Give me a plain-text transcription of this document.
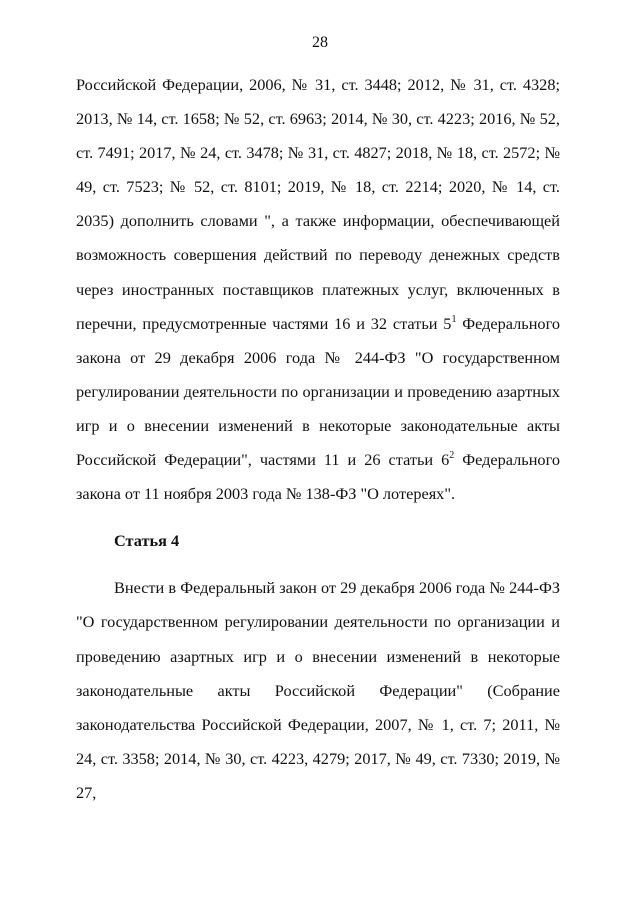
28

Российской Федерации, 2006, № 31, ст. 3448; 2012, № 31, ст. 4328; 2013, № 14, ст. 1658; № 52, ст. 6963; 2014, № 30, ст. 4223; 2016, № 52, ст. 7491; 2017, № 24, ст. 3478; № 31, ст. 4827; 2018, № 18, ст. 2572; № 49, ст. 7523; № 52, ст. 8101; 2019, № 18, ст. 2214; 2020, № 14, ст. 2035) дополнить словами ", а также информации, обеспечивающей возможность совершения действий по переводу денежных средств через иностранных поставщиков платежных услуг, включенных в перечни, предусмотренные частями 16 и 32 статьи $5^1$ Федерального закона от 29 декабря 2006 года № 244-ФЗ "О государственном регулировании деятельности по организации и проведению азартных игр и о внесении изменений в некоторые законодательные акты Российской Федерации", частями 11 и 26 статьи $6^2$ Федерального закона от 11 ноября 2003 года № 138-ФЗ "О лотереях".

Статья 4

Внести в Федеральный закон от 29 декабря 2006 года № 244-ФЗ "О государственном регулировании деятельности по организации и проведению азартных игр и о внесении изменений в некоторые законодательные акты Российской Федерации" (Собрание законодательства Российской Федерации, 2007, № 1, ст. 7; 2011, № 24, ст. 3358; 2014, № 30, ст. 4223, 4279; 2017, № 49, ст. 7330; 2019, № 27,
